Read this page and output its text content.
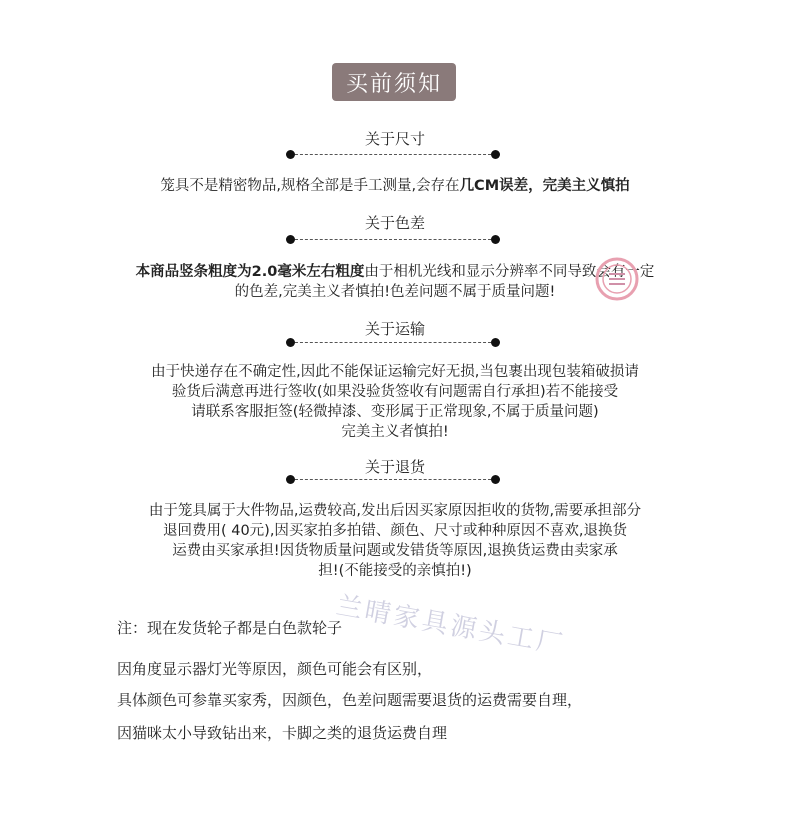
买前须知
关于尺寸
笼具不是精密物品,规格全部是手工测量,会存在几CM误差，完美主义慎拍
关于色差
本商品竖条粗度为2.0毫米左右粗度由于相机光线和显示分辨率不同导致会有一定
的色差,完美主义者慎拍!色差问题不属于质量问题!
关于运输
由于快递存在不确定性,因此不能保证运输完好无损,当包裹出现包装箱破损请
验货后满意再进行签收(如果没验货签收有问题需自行承担)若不能接受
请联系客服拒签(轻微掉漆、变形属于正常现象,不属于质量问题)
完美主义者慎拍!
关于退货
由于笼具属于大件物品,运费较高,发出后因买家原因拒收的货物,需要承担部分
退回费用( 40元),因买家拍多拍错、颜色、尺寸或种种原因不喜欢,退换货
运费由买家承担!因货物质量问题或发错货等原因,退换货运费由卖家承
担!(不能接受的亲慎拍!)
注：现在发货轮子都是白色款轮子
因角度显示器灯光等原因，颜色可能会有区别，
具体颜色可参靠买家秀，因颜色，色差问题需要退货的运费需要自理，
因猫咪太小导致钻出来，卡脚之类的退货运费自理
兰晴家具源头工厂
